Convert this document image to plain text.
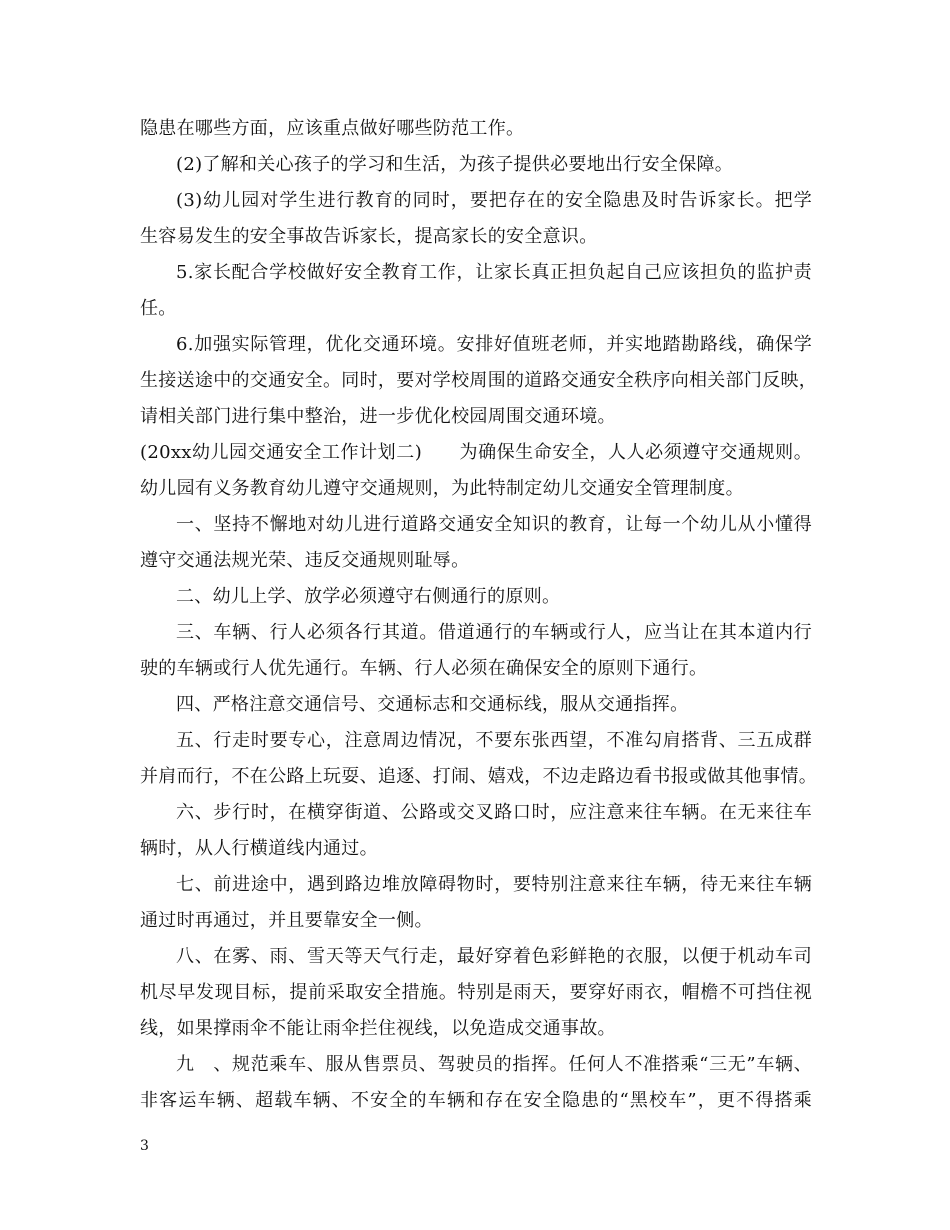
隐患在哪些方面，应该重点做好哪些防范工作。
(2)了解和关心孩子的学习和生活，为孩子提供必要地出行安全保障。
(3)幼儿园对学生进行教育的同时，要把存在的安全隐患及时告诉家长。把学
生容易发生的安全事故告诉家长，提高家长的安全意识。
5.家长配合学校做好安全教育工作，让家长真正担负起自己应该担负的监护责
任。
6.加强实际管理，优化交通环境。安排好值班老师，并实地踏勘路线，确保学
生接送途中的交通安全。同时，要对学校周围的道路交通安全秩序向相关部门反映，
请相关部门进行集中整治，进一步优化校园周围交通环境。
(20xx幼儿园交通安全工作计划二)　　为确保生命安全，人人必须遵守交通规则。
幼儿园有义务教育幼儿遵守交通规则，为此特制定幼儿交通安全管理制度。
一、坚持不懈地对幼儿进行道路交通安全知识的教育，让每一个幼儿从小懂得
遵守交通法规光荣、违反交通规则耻辱。
二、幼儿上学、放学必须遵守右侧通行的原则。
三、车辆、行人必须各行其道。借道通行的车辆或行人，应当让在其本道内行
驶的车辆或行人优先通行。车辆、行人必须在确保安全的原则下通行。
四、严格注意交通信号、交通标志和交通标线，服从交通指挥。
五、行走时要专心，注意周边情况，不要东张西望，不准勾肩搭背、三五成群
并肩而行，不在公路上玩耍、追逐、打闹、嬉戏，不边走路边看书报或做其他事情。
六、步行时，在横穿街道、公路或交叉路口时，应注意来往车辆。在无来往车
辆时，从人行横道线内通过。
七、前进途中，遇到路边堆放障碍物时，要特别注意来往车辆，待无来往车辆
通过时再通过，并且要靠安全一侧。
八、在雾、雨、雪天等天气行走，最好穿着色彩鲜艳的衣服，以便于机动车司
机尽早发现目标，提前采取安全措施。特别是雨天，要穿好雨衣，帽檐不可挡住视
线，如果撑雨伞不能让雨伞拦住视线，以免造成交通事故。
九　、规范乘车、服从售票员、驾驶员的指挥。任何人不准搭乘“三无”车辆、
非客运车辆、超载车辆、不安全的车辆和存在安全隐患的“黑校车”，更不得搭乘
3
